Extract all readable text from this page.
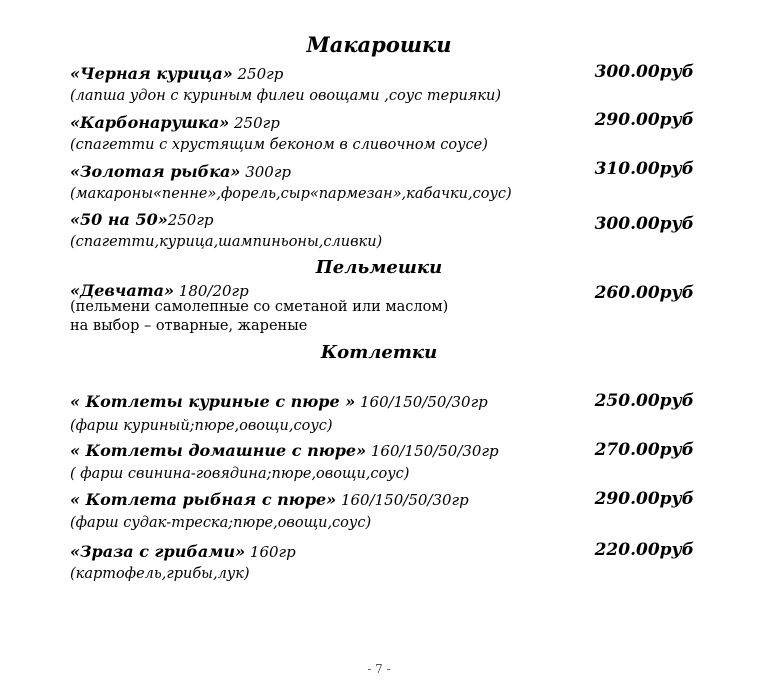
Макарошки
«Черная курица» 250гр	300.00руб
(лапша удон с куриным филеи овощами ,соус терияки)
«Карбонарушка» 250гр	290.00руб
(спагетти с хрустящим беконом в сливочном соусе)
«Золотая рыбка» 300гр	310.00руб
(макароны«пенне»,форель,сыр«пармезан»,кабачки,соус)
«50 на 50»250гр	300.00руб
(спагетти,курица,шампиньоны,сливки)
Пельмешки
«Девчата» 180/20гр	260.00руб
(пельмени самолепные со сметаной или маслом)
на выбор – отварные, жареные
Котлетки
« Котлеты куриные с пюре » 160/150/50/30гр	250.00руб
(фарш куриный;пюре,овощи,соус)
« Котлеты домашние с пюре» 160/150/50/30гр	270.00руб
( фарш свинина-говядина;пюре,овощи,соус)
« Котлета рыбная с пюре» 160/150/50/30гр	290.00руб
(фарш судак-треска;пюре,овощи,соус)
«Зраза с грибами» 160гр	220.00руб
(картофель,грибы,лук)
- 7 -
